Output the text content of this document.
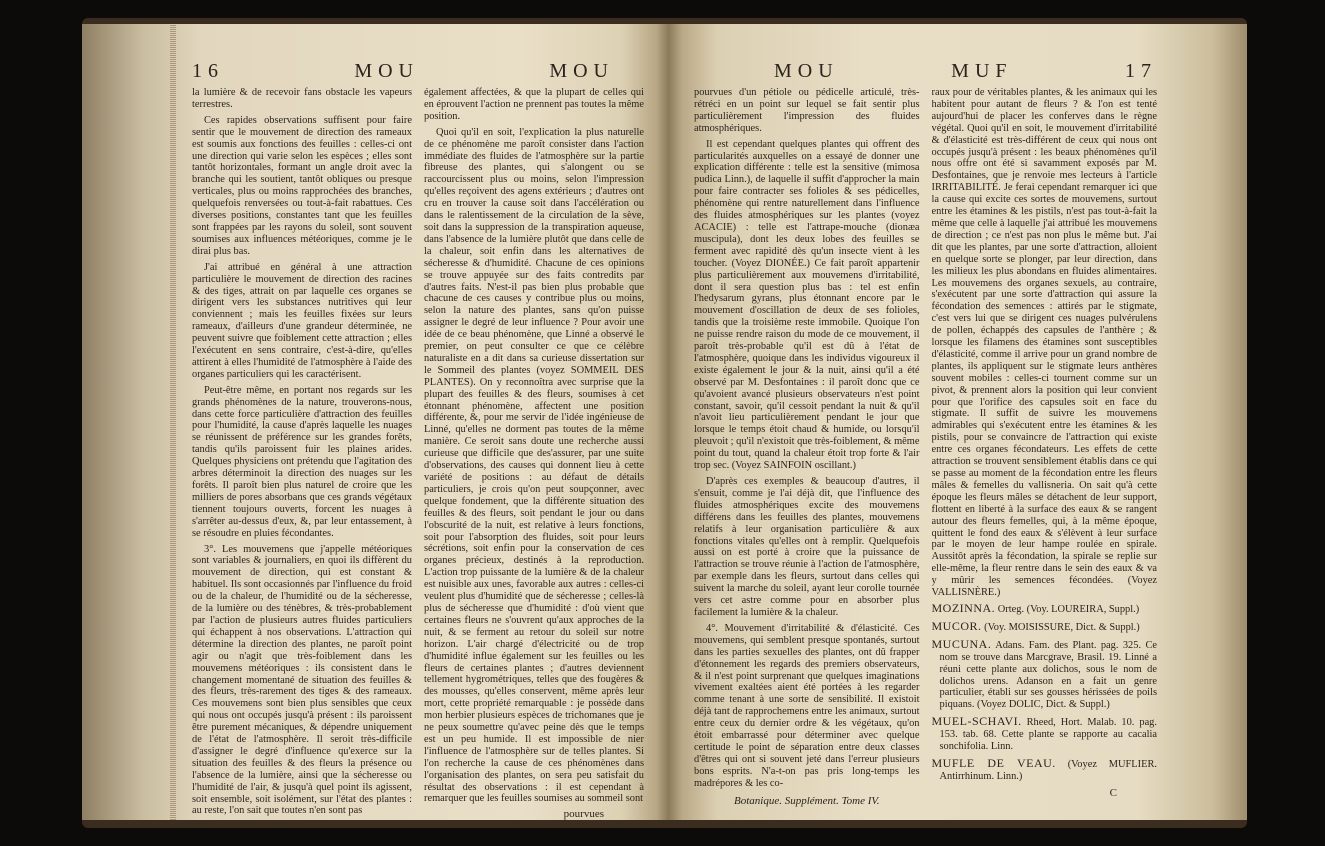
16	MOU	MOU

la lumière & de recevoir fans obstacle les vapeurs terrestres.

Ces rapides observations suffisent pour faire sentir que le mouvement de direction des rameaux est soumis aux fonctions des feuilles : celles-ci ont une direction qui varie selon les espèces ; elles sont tantôt horizontales, formant un angle droit avec la branche qui les soutient, tantôt obliques ou presque verticales, plus ou moins rapprochées des branches, quelquefois renversées ou tout-à-fait rabattues. Ces diverses positions, constantes tant que les feuilles sont frappées par les rayons du soleil, sont souvent soumises aux influences météoriques, comme je le dirai plus bas.

J'ai attribué en général à une attraction particulière le mouvement de direction des racines & des tiges, attrait on par laquelle ces organes se dirigent vers les substances nutritives qui leur conviennent ; mais les feuilles fixées sur leurs rameaux, d'ailleurs d'une grandeur déterminée, ne peuvent suivre que foiblement cette attraction ; elles l'exécutent en sens contraire, c'est-à-dire, qu'elles attirent à elles l'humidité de l'atmosphère à l'aide des organes particuliers qui les caractérisent.

Peut-être même, en portant nos regards sur les grands phénomènes de la nature, trouverons-nous, dans cette force particulière d'attraction des feuilles pour l'humidité, la cause d'après laquelle les nuages se réunissent de préférence sur les grandes forêts, tandis qu'ils paroissent fuir les plaines arides. Quelques physiciens ont prétendu que l'agitation des arbres déterminoit la direction des nuages sur les forêts. Il paroît bien plus naturel de croire que les milliers de pores absorbans que ces grands végétaux tiennent toujours ouverts, forcent les nuages à s'arrêter au-dessus d'eux, &, par leur entassement, à se résoudre en pluies fécondantes.

3°. Les mouvemens que j'appelle météoriques sont variables & journaliers, en quoi ils diffèrent du mouvement de direction, qui est constant & habituel. Ils sont occasionnés par l'influence du froid ou de la chaleur, de l'humidité ou de la sécheresse, de la lumière ou des ténèbres, & très-probablement par l'action de plusieurs autres fluides particuliers qui échappent à nos observations. L'attraction qui détermine la direction des plantes, ne paroît point agir ou n'agit que très-foiblement dans les mouvemens météoriques : ils consistent dans le changement momentané de situation des feuilles & des fleurs, très-rarement des tiges & des rameaux. Ces mouvemens sont bien plus sensibles que ceux qui nous ont occupés jusqu'à présent : ils paroissent être purement mécaniques, & dépendre uniquement de l'état de l'atmosphère. Il seroit très-difficile d'assigner le degré d'influence qu'exerce sur la situation des feuilles & des fleurs la présence ou l'absence de la lumière, ainsi que la sécheresse ou l'humidité de l'air, & jusqu'à quel point ils agissent, soit ensemble, soit isolément, sur l'état des plantes : au reste, l'on sait que toutes n'en sont pas

également affectées, & que la plupart de celles qui en éprouvent l'action ne prennent pas toutes la même position.

Quoi qu'il en soit, l'explication la plus naturelle de ce phénomène me paroît consister dans l'action immédiate des fluides de l'atmosphère sur la partie fibreuse des plantes, qui s'alongent ou se raccourcissent plus ou moins, selon l'impression qu'elles reçoivent des agens extérieurs ; d'autres ont cru en trouver la cause soit dans l'accélération ou dans le ralentissement de la circulation de la sève, soit dans la suppression de la transpiration aqueuse, dans l'absence de la lumière plutôt que dans celle de la chaleur, soit enfin dans les alternatives de sécheresse & d'humidité. Chacune de ces opinions se trouve appuyée sur des faits contredits par d'autres faits. N'est-il pas bien plus probable que chacune de ces causes y contribue plus ou moins, selon la nature des plantes, sans qu'on puisse assigner le degré de leur influence ? Pour avoir une idée de ce beau phénomène, que Linné a observé le premier, on peut consulter ce que ce célèbre naturaliste en a dit dans sa curieuse dissertation sur le Sommeil des plantes (voyez SOMMEIL DES PLANTES). On y reconnoîtra avec surprise que la plupart des feuilles & des fleurs, soumises à cet étonnant phénomène, affectent une position différente, &, pour me servir de l'idée ingénieuse de Linné, qu'elles ne dorment pas toutes de la même manière. Ce seroit sans doute une recherche aussi curieuse que difficile que des'assurer, par une suite d'observations, des causes qui donnent lieu à cette variété de positions : au défaut de détails particuliers, je crois qu'on peut soupçonner, avec quelque fondement, que la différente situation des feuilles & des fleurs, soit pendant le jour ou dans l'obscurité de la nuit, est relative à leurs fonctions, soit pour l'absorption des fluides, soit pour leurs sécrétions, soit enfin pour la conservation de ces organes précieux, destinés à la reproduction. L'action trop puissante de la lumière & de la chaleur est nuisible aux unes, favorable aux autres : celles-ci veulent plus d'humidité que de sécheresse ; celles-là plus de sécheresse que d'humidité : d'où vient que certaines fleurs ne s'ouvrent qu'aux approches de la nuit, & se ferment au retour du soleil sur notre horizon. L'air chargé d'électricité ou de trop d'humidité influe également sur les feuilles ou les fleurs de certaines plantes ; d'autres deviennent tellement hygrométriques, telles que des fougères & des mousses, qu'elles conservent, même après leur mort, cette propriété remarquable : je possède dans mon herbier plusieurs espèces de trichomanes que je ne peux soumettre qu'avec peine dès que le temps est un peu humide. Il est impossible de nier l'influence de l'atmosphère sur de telles plantes. Si l'on recherche la cause de ces phénomènes dans l'organisation des plantes, on sera peu satisfait du résultat des observations : il est cependant à remarquer que les feuilles soumises au sommeil sont

pourvues
MOU	MUF	17

pourvues d'un pétiole ou pédicelle articulé, très-rétréci en un point sur lequel se fait sentir plus particulièrement l'impression des fluides atmosphériques.

Il est cependant quelques plantes qui offrent des particularités auxquelles on a essayé de donner une explication différente : telle est la sensitive (mimosa pudica Linn.), de laquelle il suffit d'approcher la main pour faire contracter ses folioles & ses pédicelles, phénomène qui rentre naturellement dans l'influence des fluides atmosphériques sur les plantes (voyez ACACIE) : telle est l'attrape-mouche (dionæa muscipula), dont les deux lobes des feuilles se ferment avec rapidité dès qu'un insecte vient à les toucher. (Voyez DIONÉE.) Ce fait paroît appartenir plus particulièrement aux mouvemens d'irritabilité, dont il sera question plus bas : tel est enfin l'hedysarum gyrans, plus étonnant encore par le mouvement d'oscillation de deux de ses folioles, tandis que la troisième reste immobile. Quoique l'on ne puisse rendre raison du mode de ce mouvement, il paroît très-probable qu'il est dû à l'état de l'atmosphère, quoique dans les individus vigoureux il existe également le jour & la nuit, ainsi qu'il a été observé par M. Desfontaines : il paroît donc que ce qu'avoient avancé plusieurs observateurs n'est point constant, savoir, qu'il cessoit pendant la nuit & qu'il n'avoit lieu particulièrement pendant le jour que lorsque le temps étoit chaud & humide, ou lorsqu'il pleuvoit ; qu'il n'existoit que très-foiblement, & même point du tout, quand la chaleur étoit trop forte & l'air trop sec. (Voyez SAINFOIN oscillant.)

D'après ces exemples & beaucoup d'autres, il s'ensuit, comme je l'ai déjà dit, que l'influence des fluides atmosphériques excite des mouvemens différens dans les feuilles des plantes, mouvemens relatifs à leur organisation particulière & aux fonctions vitales qu'elles ont à remplir. Quelquefois aussi on est porté à croire que la puissance de l'attraction se trouve réunie à l'action de l'atmosphère, par exemple dans les fleurs, surtout dans celles qui suivent la marche du soleil, ayant leur corolle tournée vers cet astre comme pour en absorber plus facilement la lumière & la chaleur.

4°. Mouvement d'irritabilité & d'élasticité. Ces mouvemens, qui semblent presque spontanés, surtout dans les parties sexuelles des plantes, ont dû frapper d'étonnement les regards des premiers observateurs, & il n'est point surprenant que quelques imaginations vivement exaltées aient été portées à les regarder comme tenant à une sorte de sensibilité. Il existoit déjà tant de rapprochemens entre les animaux, surtout entre ceux du dernier ordre & les végétaux, qu'on étoit embarrassé pour déterminer avec quelque certitude le point de séparation entre deux classes d'êtres qui ont si souvent jeté dans l'erreur plusieurs bons esprits. N'a-t-on pas pris long-temps les madrépores & les co-

Botanique. Supplément. Tome IV.

raux pour de véritables plantes, & les animaux qui les habitent pour autant de fleurs ? & l'on est tenté aujourd'hui de placer les conferves dans le règne végétal. Quoi qu'il en soit, le mouvement d'irritabilité & d'élasticité est très-différent de ceux qui nous ont occupés jusqu'à présent : les beaux phénomènes qu'il nous offre ont été si savamment exposés par M. Desfontaines, que je renvoie mes lecteurs à l'article IRRITABILITÉ. Je ferai cependant remarquer ici que la cause qui excite ces sortes de mouvemens, surtout entre les étamines & les pistils, n'est pas tout-à-fait la même que celle à laquelle j'ai attribué les mouvemens de direction ; ce n'est pas non plus le même but. J'ai dit que les plantes, par une sorte d'attraction, alloient en quelque sorte se plonger, par leur direction, dans les milieux les plus abondans en fluides alimentaires. Les mouvemens des organes sexuels, au contraire, s'exécutent par une sorte d'attraction qui assure la fécondation des semences : attirés par le stigmate, c'est vers lui que se dirigent ces nuages pulvérulens de pollen, échappés des capsules de l'anthère ; & lorsque les filamens des étamines sont susceptibles d'élasticité, comme il arrive pour un grand nombre de plantes, ils appliquent sur le stigmate leurs anthères souvent mobiles : celles-ci tournent comme sur un pivot, & prennent alors la position qui leur convient pour que l'orifice des capsules soit en face du stigmate. Il suffit de suivre les mouvemens admirables qui s'exécutent entre les étamines & les pistils, pour se convaincre de l'attraction qui existe entre ces organes fécondateurs. Les effets de cette attraction se trouvent sensiblement établis dans ce qui se passe au moment de la fécondation entre les fleurs mâles & femelles du vallisneria. On sait qu'à cette époque les fleurs mâles se détachent de leur support, flottent en liberté à la surface des eaux & se rangent autour des fleurs femelles, qui, à la même époque, quittent le fond des eaux & s'élèvent à leur surface par le moyen de leur hampe roulée en spirale. Aussitôt après la fécondation, la spirale se replie sur elle-même, la fleur rentre dans le sein des eaux & va y mûrir les semences fécondées. (Voyez VALLISNÈRE.)

MOZINNA. Orteg. (Voy. LOUREIRA, Suppl.)
MUCOR. (Voy. MOISISSURE, Dict. & Suppl.)
MUCUNA. Adans. Fam. des Plant. pag. 325. Ce nom se trouve dans Marcgrave, Brasil. 19. Linné a réuni cette plante aux dolichos, sous le nom de dolichos urens. Adanson en a fait un genre particulier, établi sur ses gousses hérissées de poils piquans. (Voyez DOLIC, Dict. & Suppl.)
MUEL-SCHAVI. Rheed, Hort. Malab. 10. pag. 153. tab. 68. Cette plante se rapporte au cacalia sonchifolia. Linn.
MUFLE DE VEAU. (Voyez MUFLIER. Antirrhinum. Linn.)
C
